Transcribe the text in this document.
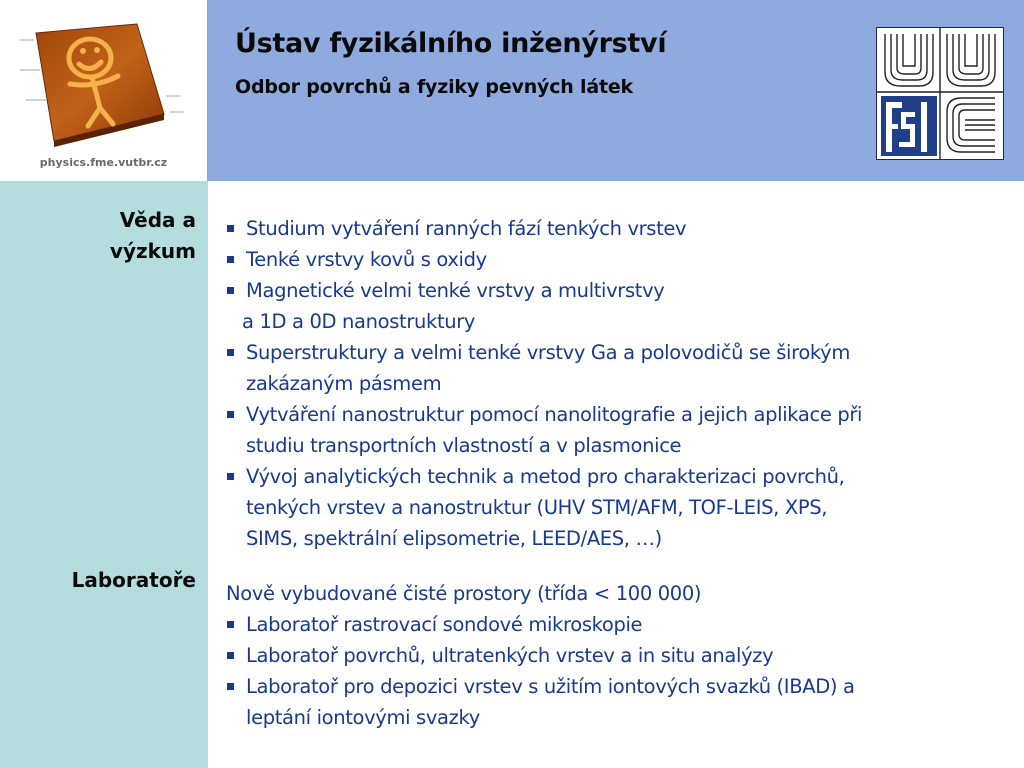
physics.fme.vutbr.cz
Ústav fyzikálního inženýrství
Odbor povrchů a fyziky pevných látek
Věda a
výzkum
Laboratoře
Studium vytváření ranných fází tenkých vrstev
Tenké vrstvy kovů s oxidy
Magnetické velmi tenké vrstvy a multivrstvy
a 1D a 0D nanostruktury
Superstruktury a velmi tenké vrstvy Ga a polovodičů se širokým
zakázaným pásmem
Vytváření nanostruktur pomocí nanolitografie a jejich aplikace při
studiu transportních vlastností a v plasmonice
Vývoj analytických technik a metod pro charakterizaci povrchů,
tenkých vrstev a nanostruktur (UHV STM/AFM, TOF-LEIS, XPS,
SIMS, spektrální elipsometrie, LEED/AES, …)

Nově vybudované čisté prostory (třída < 100 000)

Laboratoř rastrovací sondové mikroskopie
Laboratoř povrchů, ultratenkých vrstev a in situ analýzy
Laboratoř pro depozici vrstev s užitím iontových svazků (IBAD) a
leptání iontovými svazky
